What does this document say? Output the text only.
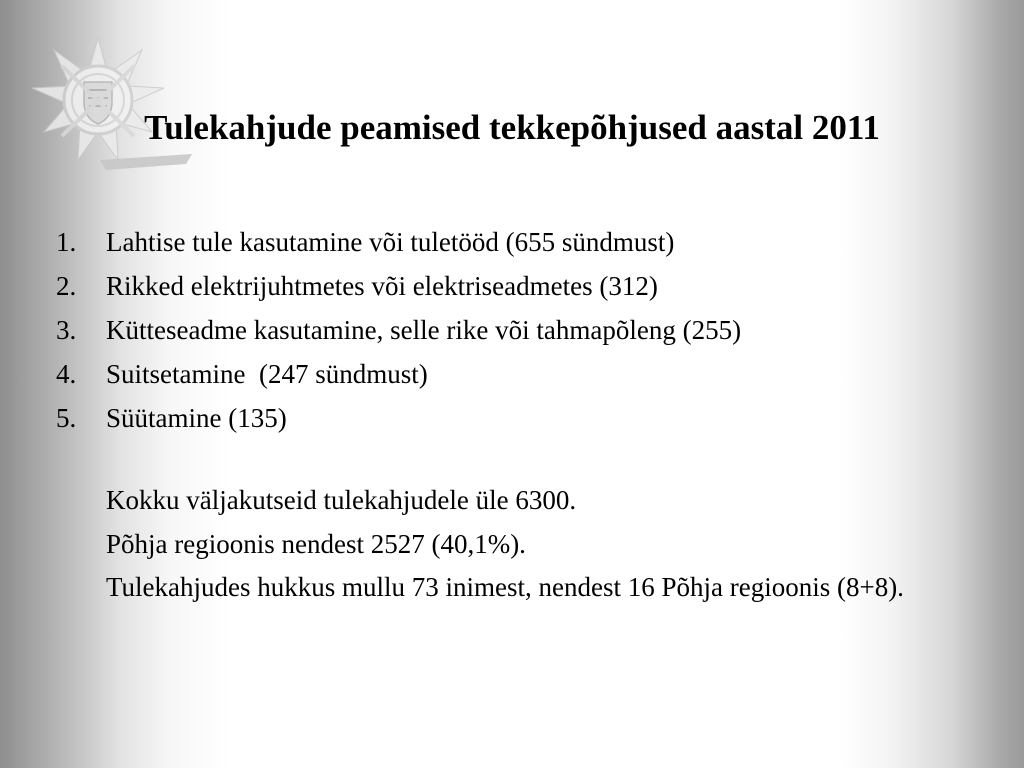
Tulekahjude peamised tekkepõhjused aastal 2011
1.	Lahtise tule kasutamine või tuletööd (655 sündmust)
2.	Rikked elektrijuhtmetes või elektriseadmetes (312)
3.	Kütteseadme kasutamine, selle rike või tahmapõleng (255)
4.	Suitsetamine  (247 sündmust)
5.	Süütamine (135)

Kokku väljakutseid tulekahjudele üle 6300.

Põhja regioonis nendest 2527 (40,1%).

Tulekahjudes hukkus mullu 73 inimest, nendest 16 Põhja regioonis (8+8).
